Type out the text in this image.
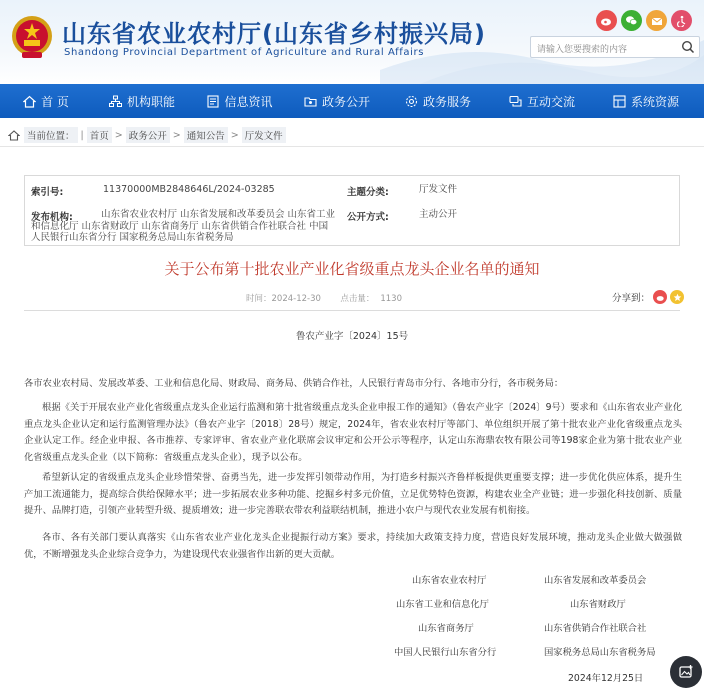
山东省农业农村厅(山东省乡村振兴局)
Shandong Provincial Department of Agriculture and Rural Affairs
请输入您要搜索的内容
首 页	机构职能	信息资讯	政务公开	政务服务	互动交流	系统资源
当前位置： | 首页 > 政务公开 > 通知公告 > 厅发文件
索引号:	11370000MB2848646L/2024-03285	主题分类:	厅发文件
发布机构:	山东省农业农村厅 山东省发展和改革委员会 山东省工业和信息化厅 山东省财政厅 山东省商务厅 山东省供销合作社联合社 中国人民银行山东省分行 国家税务总局山东省税务局
公开方式:	主动公开
关于公布第十批农业产业化省级重点龙头企业名单的通知
时间：2024-12-30 点击量： 1130	分享到：
鲁农产业字〔2024〕15号
各市农业农村局、发展改革委、工业和信息化局、财政局、商务局、供销合作社，人民银行青岛市分行、各地市分行，各市税务局：
根据《关于开展农业产业化省级重点龙头企业运行监测和第十批省级重点龙头企业申报工作的通知》（鲁农产业字〔2024〕9号）要求和《山东省农业产业化重点龙头企业认定和运行监测管理办法》（鲁农产业字〔2018〕28号）规定，2024年，省农业农村厅等部门、单位组织开展了第十批农业产业化省级重点龙头企业认定工作。经企业申报、各市推荐、专家评审、省农业产业化联席会议审定和公开公示等程序，认定山东海鼎农牧有限公司等198家企业为第十批农业产业化省级重点龙头企业（以下简称：省级重点龙头企业），现予以公布。
希望新认定的省级重点龙头企业珍惜荣誉、奋勇当先，进一步发挥引领带动作用，为打造乡村振兴齐鲁样板提供更重要支撑；进一步优化供应体系，提升生产加工流通能力，提高综合供给保障水平；进一步拓展农业多种功能、挖掘乡村多元价值，立足优势特色资源，构建农业全产业链；进一步强化科技创新、质量提升、品牌打造，引领产业转型升级、提质增效；进一步完善联农带农利益联结机制，推进小农户与现代农业发展有机衔接。
各市、各有关部门要认真落实《山东省农业产业化龙头企业提振行动方案》要求，持续加大政策支持力度，营造良好发展环境，推动龙头企业做大做强做优，不断增强龙头企业综合竞争力，为建设现代农业强省作出新的更大贡献。
山东省农业农村厅	山东省发展和改革委员会
山东省工业和信息化厅	山东省财政厅
山东省商务厅	山东省供销合作社联合社
中国人民银行山东省分行	国家税务总局山东省税务局
2024年12月25日
